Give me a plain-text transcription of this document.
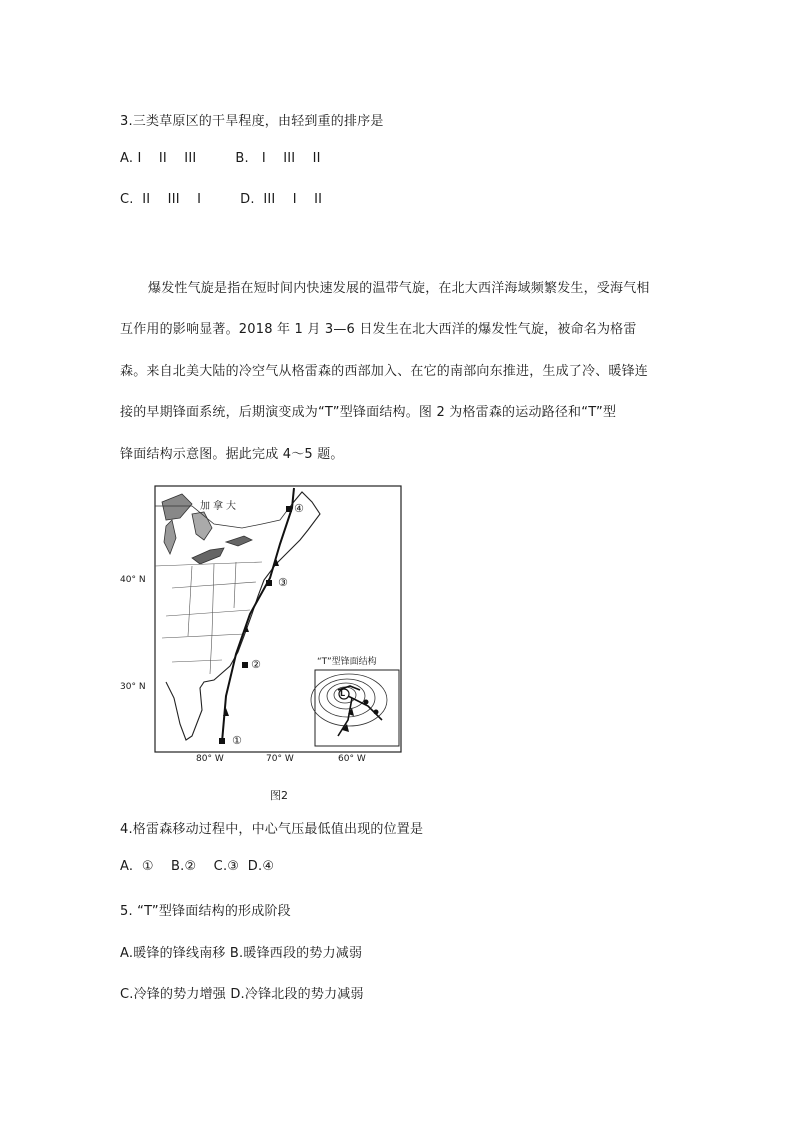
3.三类草原区的干旱程度，由轻到重的排序是
A. I    II    III         B.   I    III    II
C.  II    III    I         D.  III    I    II
爆发性气旋是指在短时间内快速发展的温带气旋，在北大西洋海域频繁发生，受海气相
互作用的影响显著。2018 年 1 月 3—6 日发生在北大西洋的爆发性气旋，被命名为格雷
森。来自北美大陆的冷空气从格雷森的西部加入、在它的南部向东推进，生成了冷、暖锋连
接的早期锋面系统，后期演变成为“T”型锋面结构。图 2 为格雷森的运动路径和“T”型
锋面结构示意图。据此完成 4～5 题。
加拿大
“T”型锋面结构
L
①
②
③
④
40° N
30° N
80° W	70° W	60° W
图2
4.格雷森移动过程中，中心气压最低值出现的位置是
A.  ①    B.②    C.③  D.④
5. “T”型锋面结构的形成阶段
A.暖锋的锋线南移 B.暖锋西段的势力减弱
C.冷锋的势力增强 D.冷锋北段的势力减弱
